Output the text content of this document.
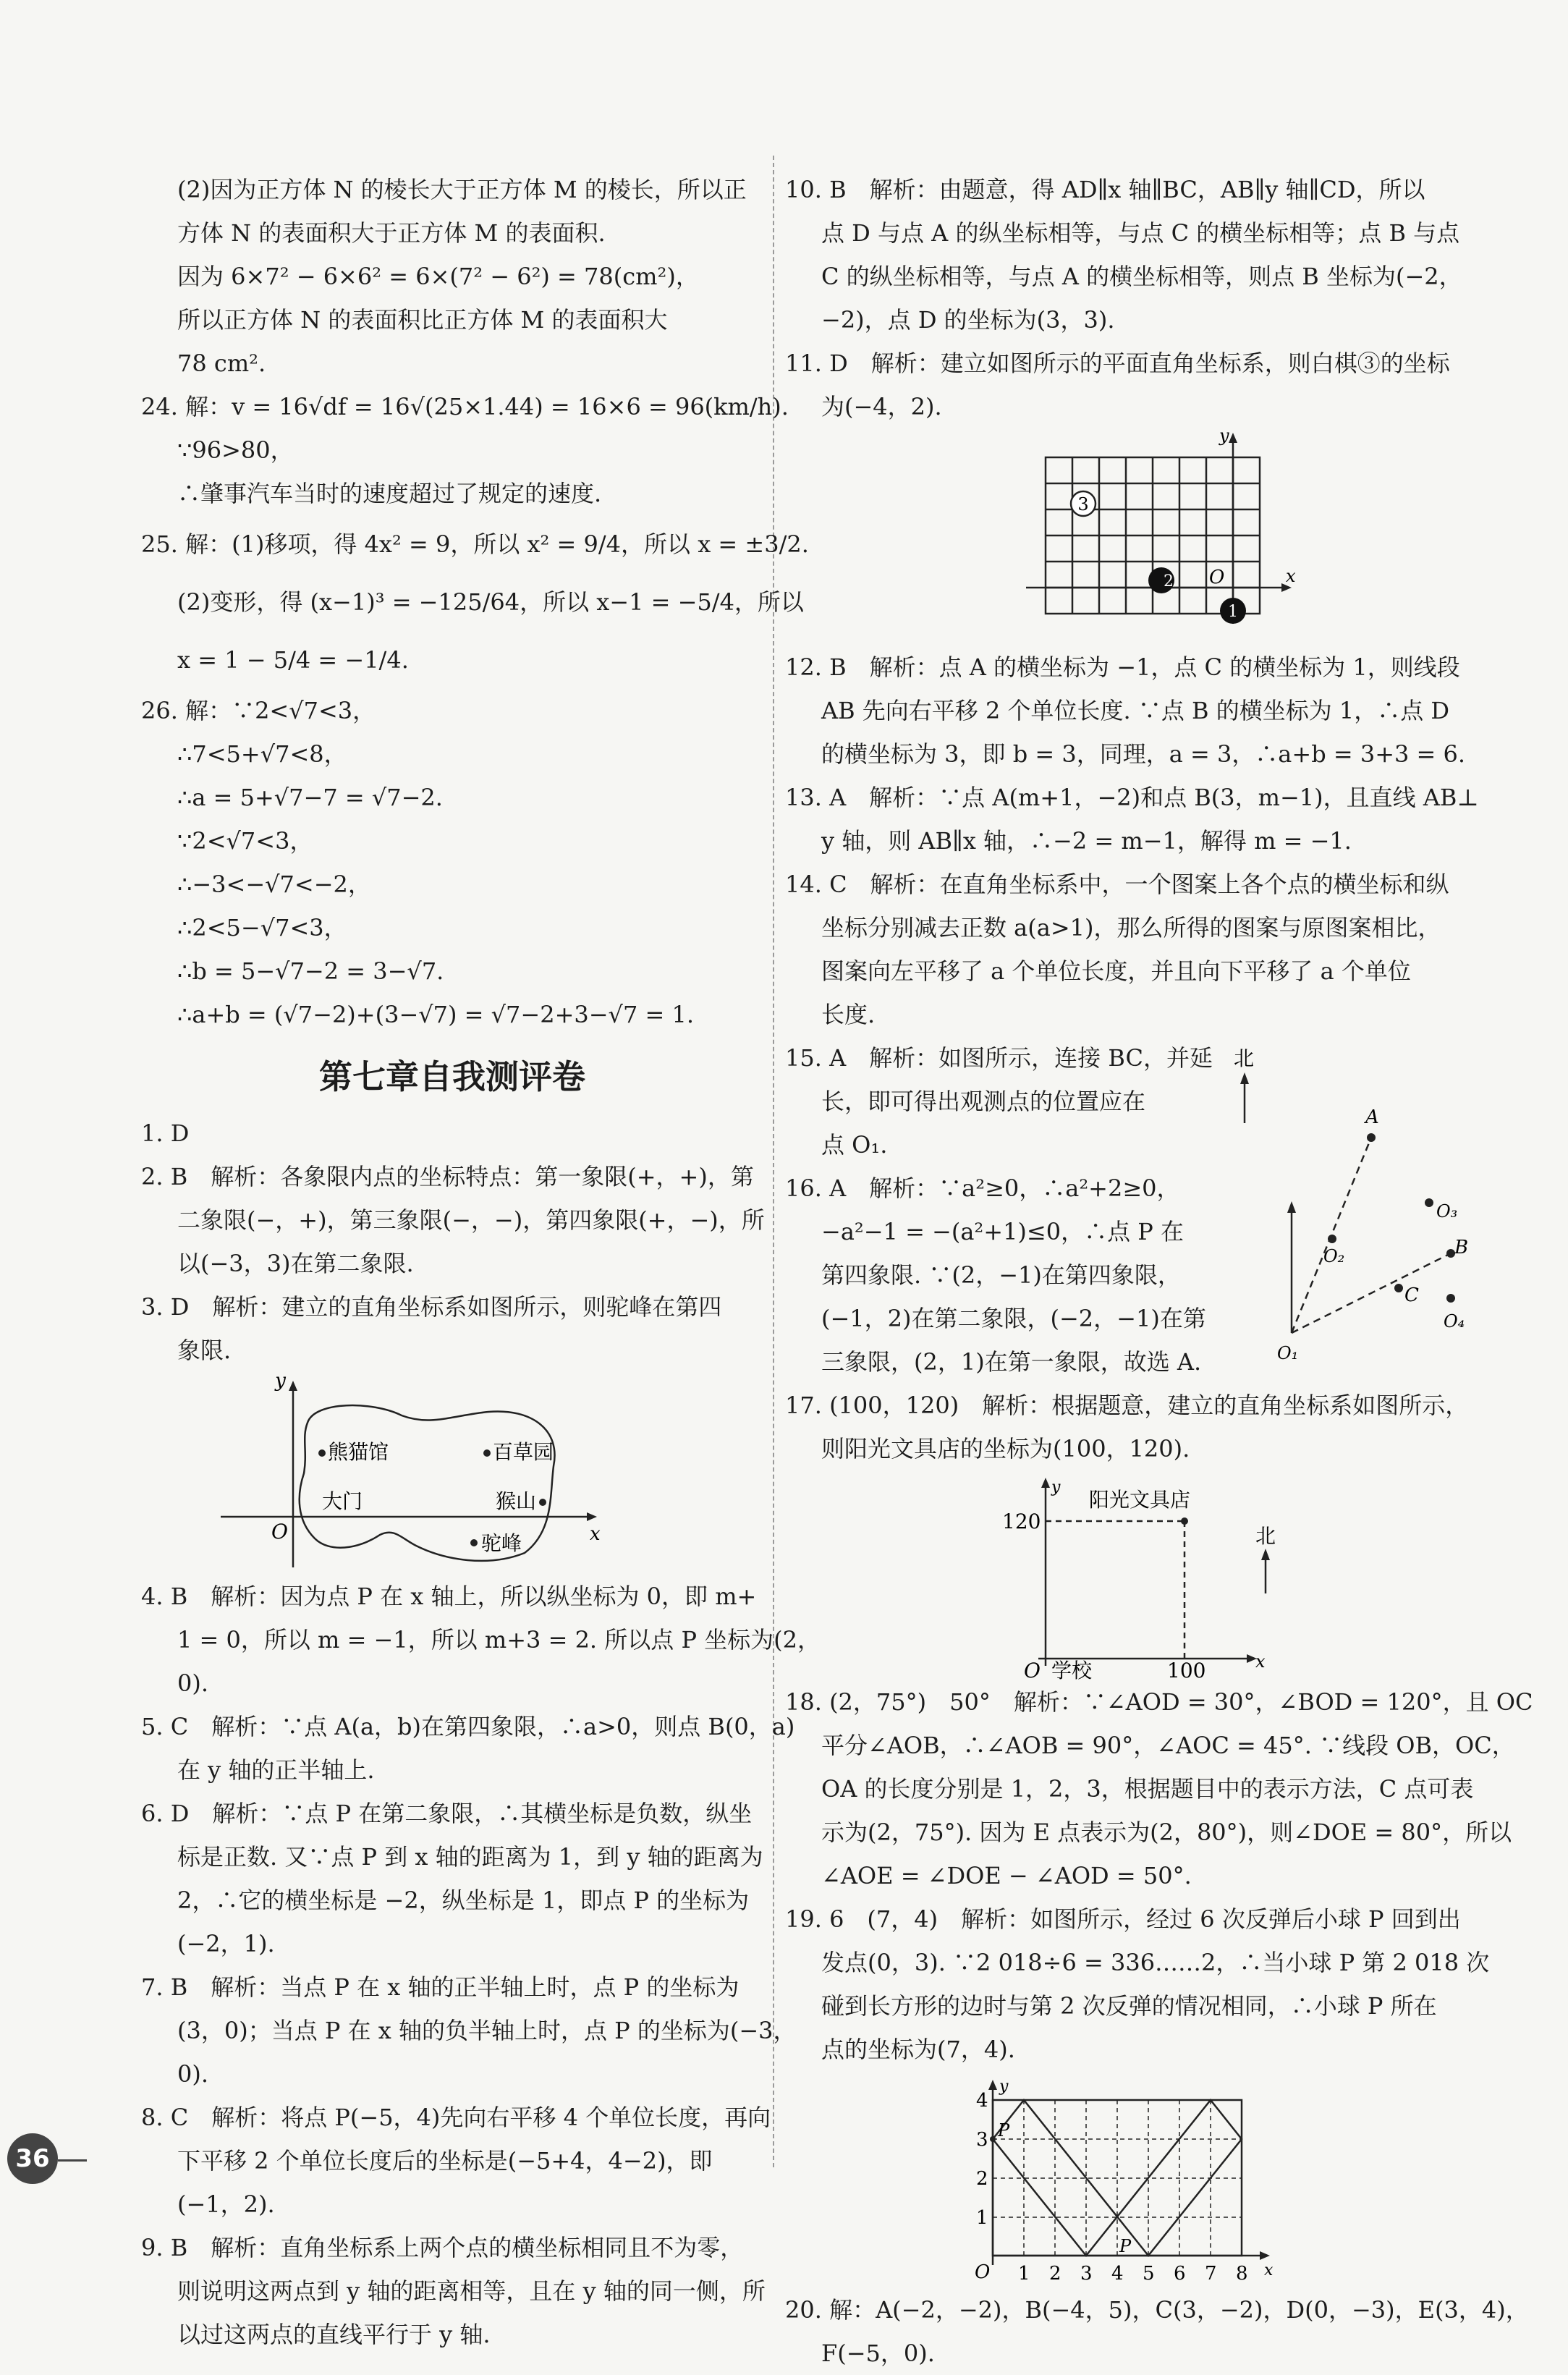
(2)因为正方体 N 的棱长大于正方体 M 的棱长，所以正
方体 N 的表面积大于正方体 M 的表面积.
因为 6×7² − 6×6² = 6×(7² − 6²) = 78(cm²)，
所以正方体 N 的表面积比正方体 M 的表面积大
78 cm².
24. 解：v = 16√df = 16√(25×1.44) = 16×6 = 96(km/h).
∵96>80，
∴肇事汽车当时的速度超过了规定的速度.
25. 解：(1)移项，得 4x² = 9，所以 x² = 9/4，所以 x = ±3/2.
(2)变形，得 (x−1)³ = −125/64，所以 x−1 = −5/4，所以
x = 1 − 5/4 = −1/4.
26. 解：∵2<√7<3，
∴7<5+√7<8，
∴a = 5+√7−7 = √7−2.
∵2<√7<3，
∴−3<−√7<−2，
∴2<5−√7<3，
∴b = 5−√7−2 = 3−√7.
∴a+b = (√7−2)+(3−√7) = √7−2+3−√7 = 1.
第七章自我测评卷
1. D
2. B　解析：各象限内点的坐标特点：第一象限(+，+)，第
二象限(−，+)，第三象限(−，−)，第四象限(+，−)，所
以(−3，3)在第二象限.
3. D　解析：建立的直角坐标系如图所示，则驼峰在第四
象限.
y
x
O
熊猫馆	百草园
大门	猴山
驼峰
4. B　解析：因为点 P 在 x 轴上，所以纵坐标为 0，即 m+
1 = 0，所以 m = −1，所以 m+3 = 2. 所以点 P 坐标为(2，
0).
5. C　解析：∵点 A(a，b)在第四象限，∴a>0，则点 B(0，a)
在 y 轴的正半轴上.
6. D　解析：∵点 P 在第二象限，∴其横坐标是负数，纵坐
标是正数. 又∵点 P 到 x 轴的距离为 1，到 y 轴的距离为
2，∴它的横坐标是 −2，纵坐标是 1，即点 P 的坐标为
(−2，1).
7. B　解析：当点 P 在 x 轴的正半轴上时，点 P 的坐标为
(3，0)；当点 P 在 x 轴的负半轴上时，点 P 的坐标为(−3，
0).
8. C　解析：将点 P(−5，4)先向右平移 4 个单位长度，再向
下平移 2 个单位长度后的坐标是(−5+4，4−2)，即
(−1，2).
9. B　解析：直角坐标系上两个点的横坐标相同且不为零，
则说明这两点到 y 轴的距离相等，且在 y 轴的同一侧，所
以过这两点的直线平行于 y 轴.
10. B　解析：由题意，得 AD∥x 轴∥BC，AB∥y 轴∥CD，所以
点 D 与点 A 的纵坐标相等，与点 C 的横坐标相等；点 B 与点
C 的纵坐标相等，与点 A 的横坐标相等，则点 B 坐标为(−2，
−2)，点 D 的坐标为(3，3).
11. D　解析：建立如图所示的平面直角坐标系，则白棋③的坐标
为(−4，2).
y
x
O
3
2
1
12. B　解析：点 A 的横坐标为 −1，点 C 的横坐标为 1，则线段
AB 先向右平移 2 个单位长度. ∵点 B 的横坐标为 1，∴点 D
的横坐标为 3，即 b = 3，同理，a = 3，∴a+b = 3+3 = 6.
13. A　解析：∵点 A(m+1，−2)和点 B(3，m−1)，且直线 AB⊥
y 轴，则 AB∥x 轴，∴−2 = m−1，解得 m = −1.
14. C　解析：在直角坐标系中，一个图案上各个点的横坐标和纵
坐标分别减去正数 a(a>1)，那么所得的图案与原图案相比，
图案向左平移了 a 个单位长度，并且向下平移了 a 个单位
长度.
15. A　解析：如图所示，连接 BC，并延
长，即可得出观测点的位置应在
点 O₁.
16. A　解析：∵a²≥0，∴a²+2≥0，
−a²−1 = −(a²+1)≤0，∴点 P 在
第四象限. ∵(2，−1)在第四象限，
(−1，2)在第二象限，(−2，−1)在第
三象限，(2，1)在第一象限，故选 A.
北
A
B
C
O₂
O₃
O₄
O₁
17. (100，120)　解析：根据题意，建立的直角坐标系如图所示，
则阳光文具店的坐标为(100，120).
y
x
120
100
O 学校
阳光文具店
北
18. (2，75°)　50°　解析：∵∠AOD = 30°，∠BOD = 120°，且 OC
平分∠AOB，∴∠AOB = 90°，∠AOC = 45°. ∵线段 OB，OC，
OA 的长度分别是 1，2，3，根据题目中的表示方法，C 点可表
示为(2，75°). 因为 E 点表示为(2，80°)，则∠DOE = 80°，所以
∠AOE = ∠DOE − ∠AOD = 50°.
19. 6　(7，4)　解析：如图所示，经过 6 次反弹后小球 P 回到出
发点(0，3). ∵2 018÷6 = 336……2，∴当小球 P 第 2 018 次
碰到长方形的边时与第 2 次反弹的情况相同，∴小球 P 所在
点的坐标为(7，4).
P
P
y
x
O 1 2 3 4 5 6 7 8
1
2
3
4
20. 解：A(−2，−2)，B(−4，5)，C(3，−2)，D(0，−3)，E(3，4)，
F(−5，0).
36
